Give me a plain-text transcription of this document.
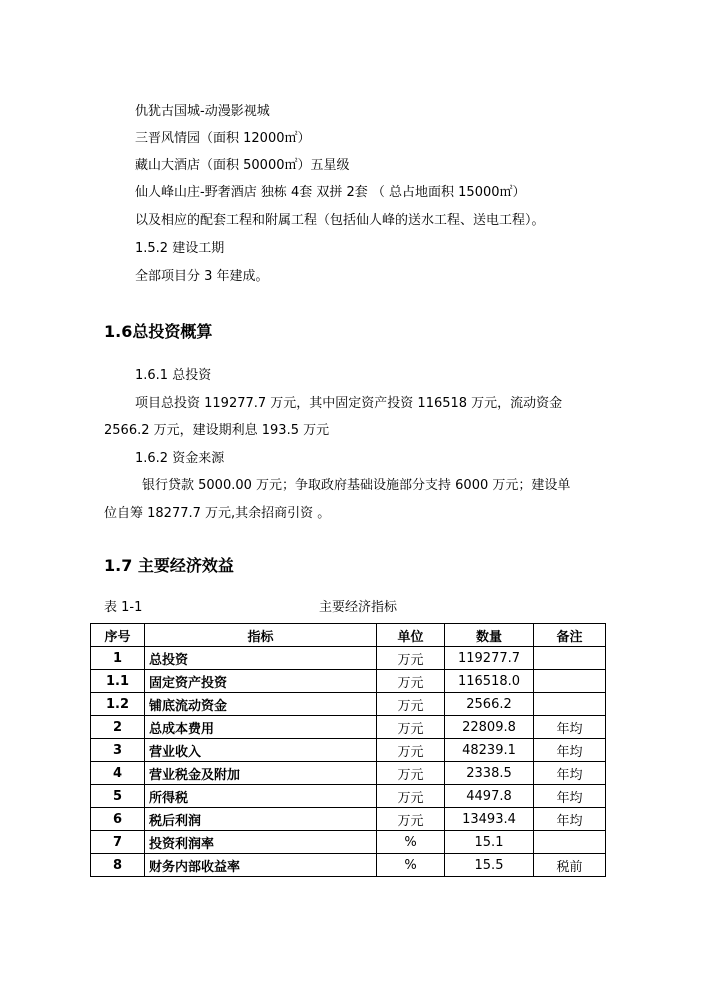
仇犹古国城-动漫影视城
三晋风情园（面积 12000㎡）
藏山大酒店（面积 50000㎡）五星级
仙人峰山庄-野奢酒店 独栋 4套 双拼 2套 （ 总占地面积 15000㎡）
以及相应的配套工程和附属工程（包括仙人峰的送水工程、送电工程）。
1.5.2 建设工期
全部项目分 3 年建成。
1.6总投资概算
1.6.1 总投资
项目总投资 119277.7 万元，其中固定资产投资 116518 万元，流动资金
2566.2 万元，建设期利息 193.5 万元
1.6.2 资金来源
银行贷款 5000.00 万元；争取政府基础设施部分支持 6000 万元；建设单
位自筹 18277.7 万元,其余招商引资 。
1.7 主要经济效益
表 1-1	主要经济指标
序号	指标	单位	数量	备注
1	总投资	万元	119277.7	
1.1	固定资产投资	万元	116518.0	
1.2	铺底流动资金	万元	2566.2	
2	总成本费用	万元	22809.8	年均
3	营业收入	万元	48239.1	年均
4	营业税金及附加	万元	2338.5	年均
5	所得税	万元	4497.8	年均
6	税后利润	万元	13493.4	年均
7	投资利润率	%	15.1	
8	财务内部收益率	%	15.5	税前
